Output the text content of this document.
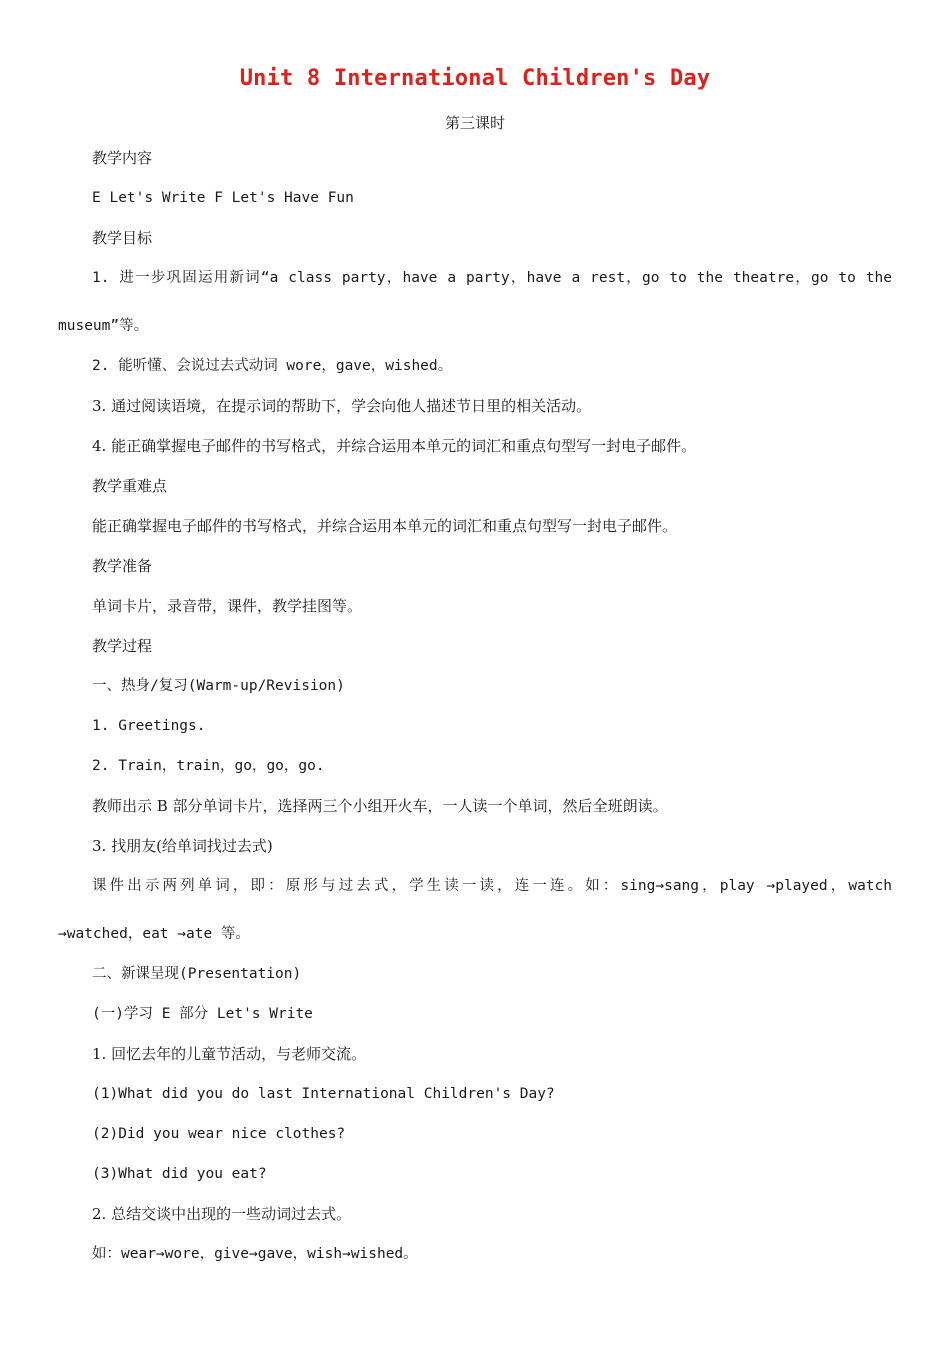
Unit 8 International Children's Day
第三课时
教学内容
E Let's Write F Let's Have Fun
教学目标
1. 进一步巩固运用新词“a class party，have a party，have a rest，go to the theatre，go to the
museum”等。
2. 能听懂、会说过去式动词 wore，gave，wished。
3. 通过阅读语境，在提示词的帮助下，学会向他人描述节日里的相关活动。
4. 能正确掌握电子邮件的书写格式，并综合运用本单元的词汇和重点句型写一封电子邮件。
教学重难点
能正确掌握电子邮件的书写格式，并综合运用本单元的词汇和重点句型写一封电子邮件。
教学准备
单词卡片，录音带，课件，教学挂图等。
教学过程
一、热身/复习(Warm-up/Revision)
1. Greetings.
2. Train，train，go，go，go.
教师出示 B 部分单词卡片，选择两三个小组开火车，一人读一个单词，然后全班朗读。
3. 找朋友(给单词找过去式)
课件出示两列单词，即：原形与过去式，学生读一读，连一连。如：sing→sang，play →played，watch
→watched，eat →ate 等。
二、新课呈现(Presentation)
(一)学习 E 部分 Let's Write
1. 回忆去年的儿童节活动，与老师交流。
(1)What did you do last International Children's Day?
(2)Did you wear nice clothes?
(3)What did you eat?
2. 总结交谈中出现的一些动词过去式。
如：wear→wore，give→gave，wish→wished。
